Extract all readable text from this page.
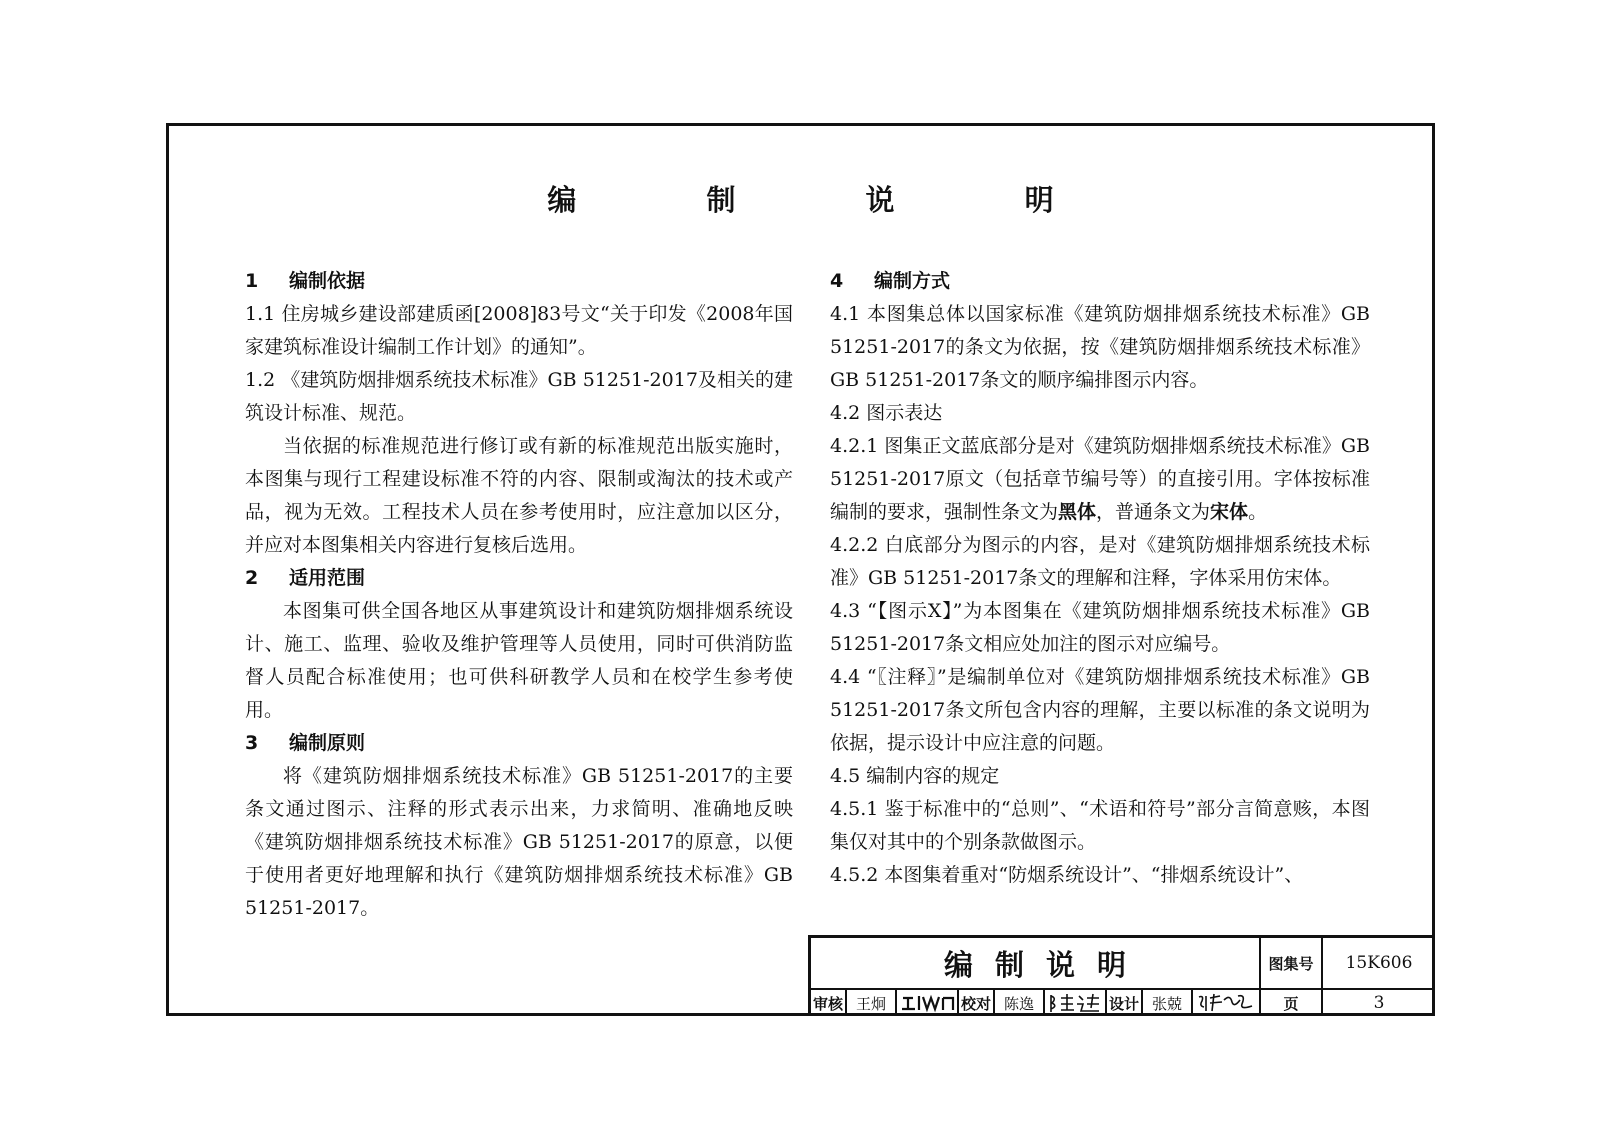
编 制 说 明
1 编制依据

1.1 住房城乡建设部建质函[2008]83号文“关于印发《2008年国家建筑标准设计编制工作计划》的通知”。

1.2 《建筑防烟排烟系统技术标准》GB 51251-2017及相关的建筑设计标准、规范。

当依据的标准规范进行修订或有新的标准规范出版实施时，本图集与现行工程建设标准不符的内容、限制或淘汰的技术或产品，视为无效。工程技术人员在参考使用时，应注意加以区分，并应对本图集相关内容进行复核后选用。

2 适用范围

本图集可供全国各地区从事建筑设计和建筑防烟排烟系统设计、施工、监理、验收及维护管理等人员使用，同时可供消防监督人员配合标准使用；也可供科研教学人员和在校学生参考使用。

3 编制原则

将《建筑防烟排烟系统技术标准》GB 51251-2017的主要条文通过图示、注释的形式表示出来，力求简明、准确地反映《建筑防烟排烟系统技术标准》GB 51251-2017的原意，以便于使用者更好地理解和执行《建筑防烟排烟系统技术标准》GB 51251-2017。

4 编制方式

4.1 本图集总体以国家标准《建筑防烟排烟系统技术标准》GB 51251-2017的条文为依据，按《建筑防烟排烟系统技术标准》GB 51251-2017条文的顺序编排图示内容。

4.2 图示表达

4.2.1 图集正文蓝底部分是对《建筑防烟排烟系统技术标准》GB 51251-2017原文（包括章节编号等）的直接引用。字体按标准编制的要求，强制性条文为黑体，普通条文为宋体。

4.2.2 白底部分为图示的内容，是对《建筑防烟排烟系统技术标准》GB 51251-2017条文的理解和注释，字体采用仿宋体。

4.3 “【图示X】”为本图集在《建筑防烟排烟系统技术标准》GB 51251-2017条文相应处加注的图示对应编号。

4.4 “〖注释〗”是编制单位对《建筑防烟排烟系统技术标准》GB 51251-2017条文所包含内容的理解，主要以标准的条文说明为依据，提示设计中应注意的问题。

4.5 编制内容的规定

4.5.1 鉴于标准中的“总则”、“术语和符号”部分言简意赅，本图集仅对其中的个别条款做图示。

4.5.2 本图集着重对“防烟系统设计”、“排烟系统设计”、

编制说明	图集号	15K606
审核 王炯	校对 陈逸	设计 张兢	页	3
